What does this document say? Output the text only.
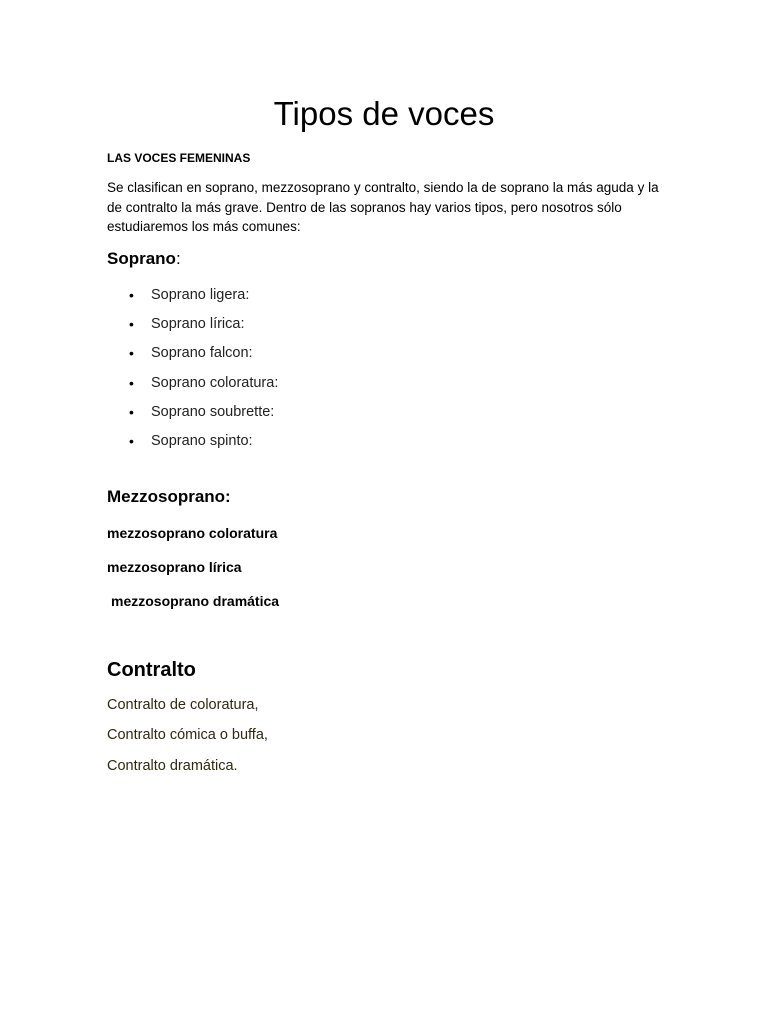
Tipos de voces

LAS VOCES FEMENINAS

Se clasifican en soprano, mezzosoprano y contralto, siendo la de soprano la más aguda y la de contralto la más grave. Dentro de las sopranos hay varios tipos, pero nosotros sólo estudiaremos los más comunes:

Soprano:
• Soprano ligera:
• Soprano lírica:
• Soprano falcon:
• Soprano coloratura:
• Soprano soubrette:
• Soprano spinto:
Mezzosoprano:

mezzosoprano coloratura

mezzosoprano lírica

mezzosoprano dramática

Contralto

Contralto de coloratura,

Contralto cómica o buffa,

Contralto dramática.
